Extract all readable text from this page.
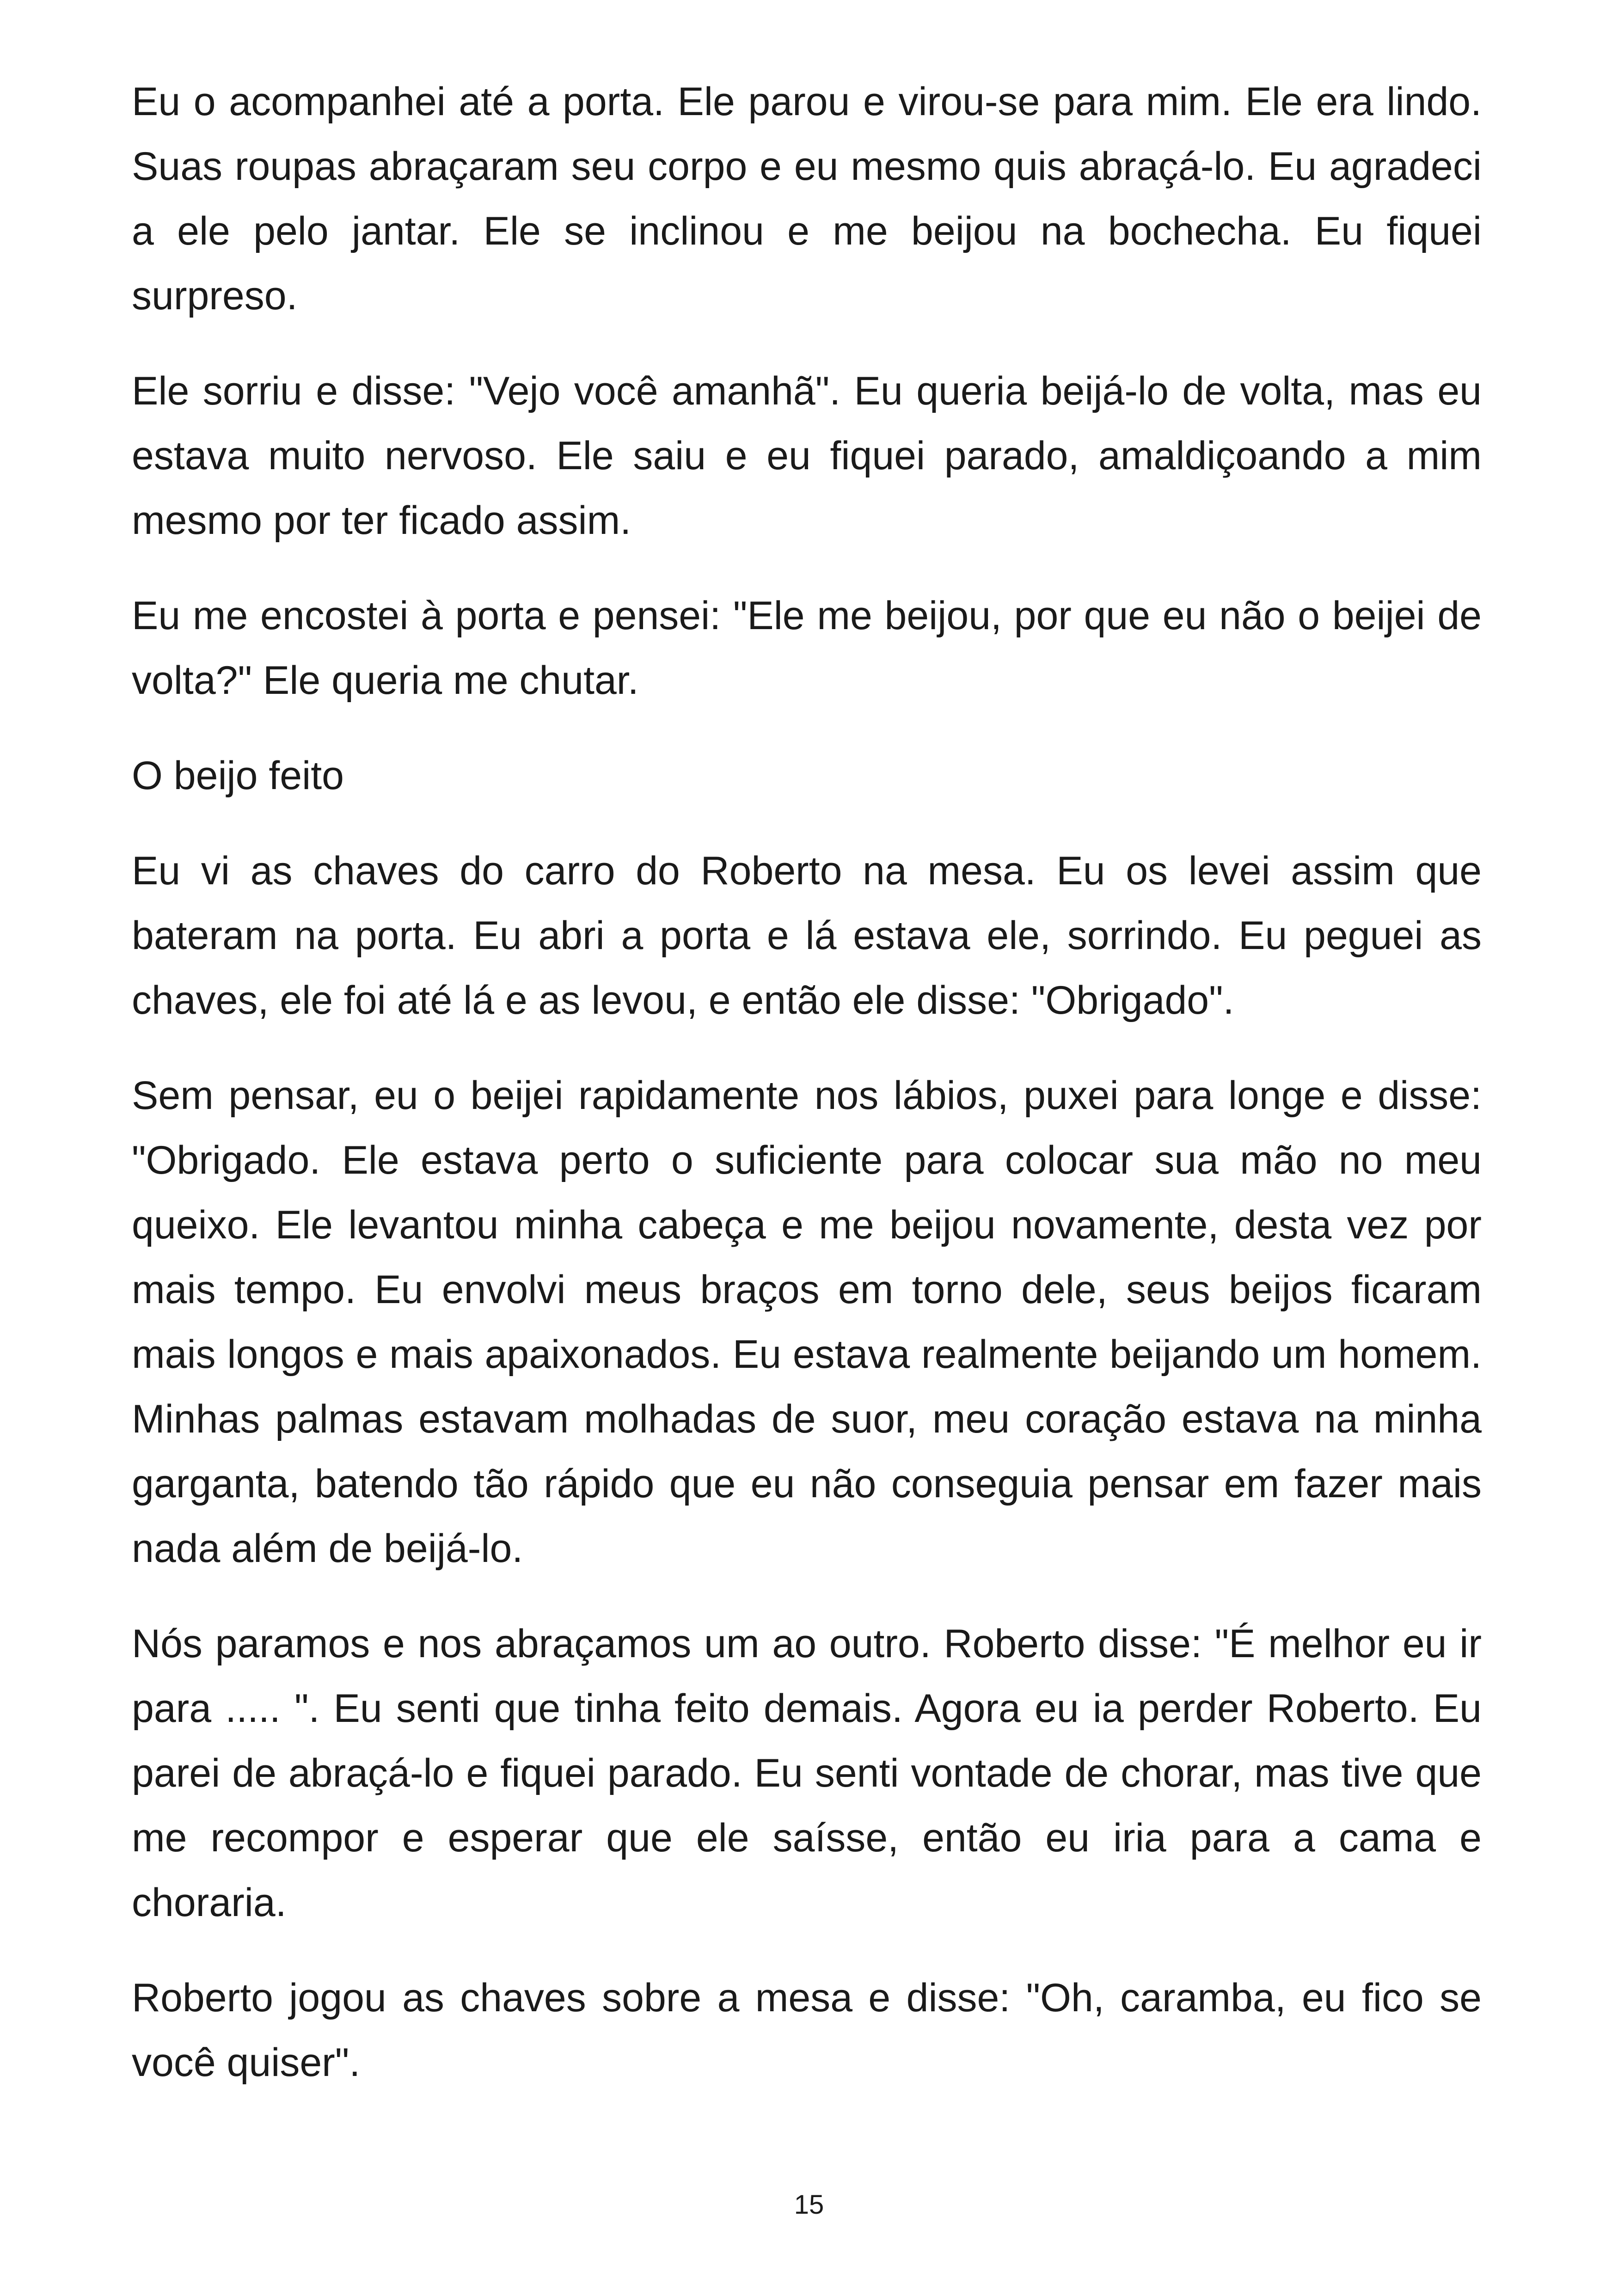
Eu o acompanhei até a porta. Ele parou e virou-se para mim. Ele era lindo. Suas roupas abraçaram seu corpo e eu mesmo quis abraçá-lo. Eu agradeci a ele pelo jantar. Ele se inclinou e me beijou na bochecha. Eu fiquei surpreso.

Ele sorriu e disse: "Vejo você amanhã". Eu queria beijá-lo de volta, mas eu estava muito nervoso. Ele saiu e eu fiquei parado, amaldiçoando a mim mesmo por ter ficado assim.

Eu me encostei à porta e pensei: "Ele me beijou, por que eu não o beijei de volta?" Ele queria me chutar.

O beijo feito

Eu vi as chaves do carro do Roberto na mesa. Eu os levei assim que bateram na porta. Eu abri a porta e lá estava ele, sorrindo. Eu peguei as chaves, ele foi até lá e as levou, e então ele disse: "Obrigado".

Sem pensar, eu o beijei rapidamente nos lábios, puxei para longe e disse: "Obrigado. Ele estava perto o suficiente para colocar sua mão no meu queixo. Ele levantou minha cabeça e me beijou novamente, desta vez por mais tempo. Eu envolvi meus braços em torno dele, seus beijos ficaram mais longos e mais apaixonados. Eu estava realmente beijando um homem. Minhas palmas estavam molhadas de suor, meu coração estava na minha garganta, batendo tão rápido que eu não conseguia pensar em fazer mais nada além de beijá-lo.

Nós paramos e nos abraçamos um ao outro. Roberto disse: "É melhor eu ir para ..... ". Eu senti que tinha feito demais. Agora eu ia perder Roberto. Eu parei de abraçá-lo e fiquei parado. Eu senti vontade de chorar, mas tive que me recompor e esperar que ele saísse, então eu iria para a cama e choraria.

Roberto jogou as chaves sobre a mesa e disse: "Oh, caramba, eu fico se você quiser".

15
